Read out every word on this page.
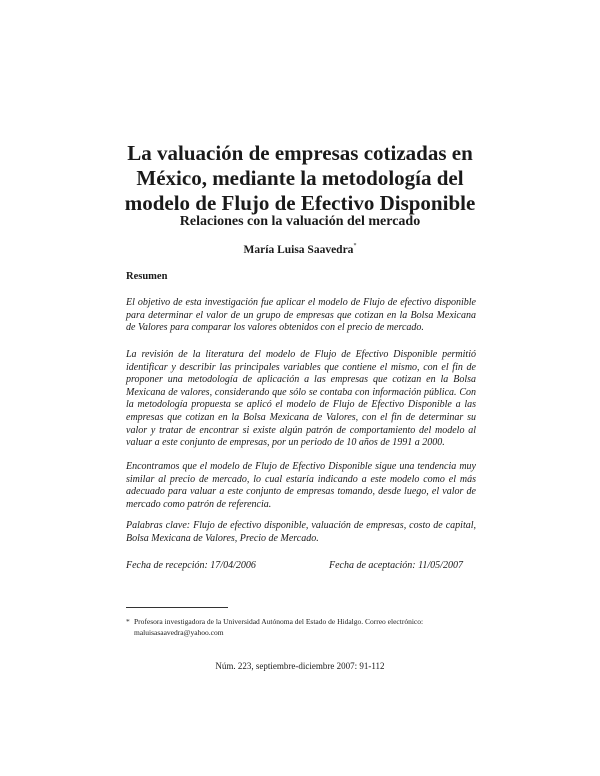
La valuación de empresas cotizadas en
México, mediante la metodología del
modelo de Flujo de Efectivo Disponible
Relaciones con la valuación del mercado
María Luisa Saavedra*
Resumen

El objetivo de esta investigación fue aplicar el modelo de Flujo de efectivo disponible para determinar el valor de un grupo de empresas que cotizan en la Bolsa Mexicana de Valores para comparar los valores obtenidos con el precio de mercado.

La revisión de la literatura del modelo de Flujo de Efectivo Disponible permitió identificar y describir las principales variables que contiene el mismo, con el fin de proponer una metodología de aplicación a las empresas que cotizan en la Bolsa Mexicana de valores, considerando que sólo se contaba con información pública. Con la metodología propuesta se aplicó el modelo de Flujo de Efectivo Disponible a las empresas que cotizan en la Bolsa Mexicana de Valores, con el fin de determinar su valor y tratar de encontrar si existe algún patrón de comportamiento del modelo al valuar a este conjunto de empresas, por un periodo de 10 años de 1991 a 2000.

Encontramos que el modelo de Flujo de Efectivo Disponible sigue una tendencia muy similar al precio de mercado, lo cual estaría indicando a este modelo como el más adecuado para valuar a este conjunto de empresas tomando, desde luego, el valor de mercado como patrón de referencia.

Palabras clave: Flujo de efectivo disponible, valuación de empresas, costo de capital, Bolsa Mexicana de Valores, Precio de Mercado.

Fecha de recepción: 17/04/2006	Fecha de aceptación: 11/05/2007
* Profesora investigadora de la Universidad Autónoma del Estado de Hidalgo. Correo electrónico:
maluisasaavedra@yahoo.com
Núm. 223, septiembre-diciembre 2007: 91-112
